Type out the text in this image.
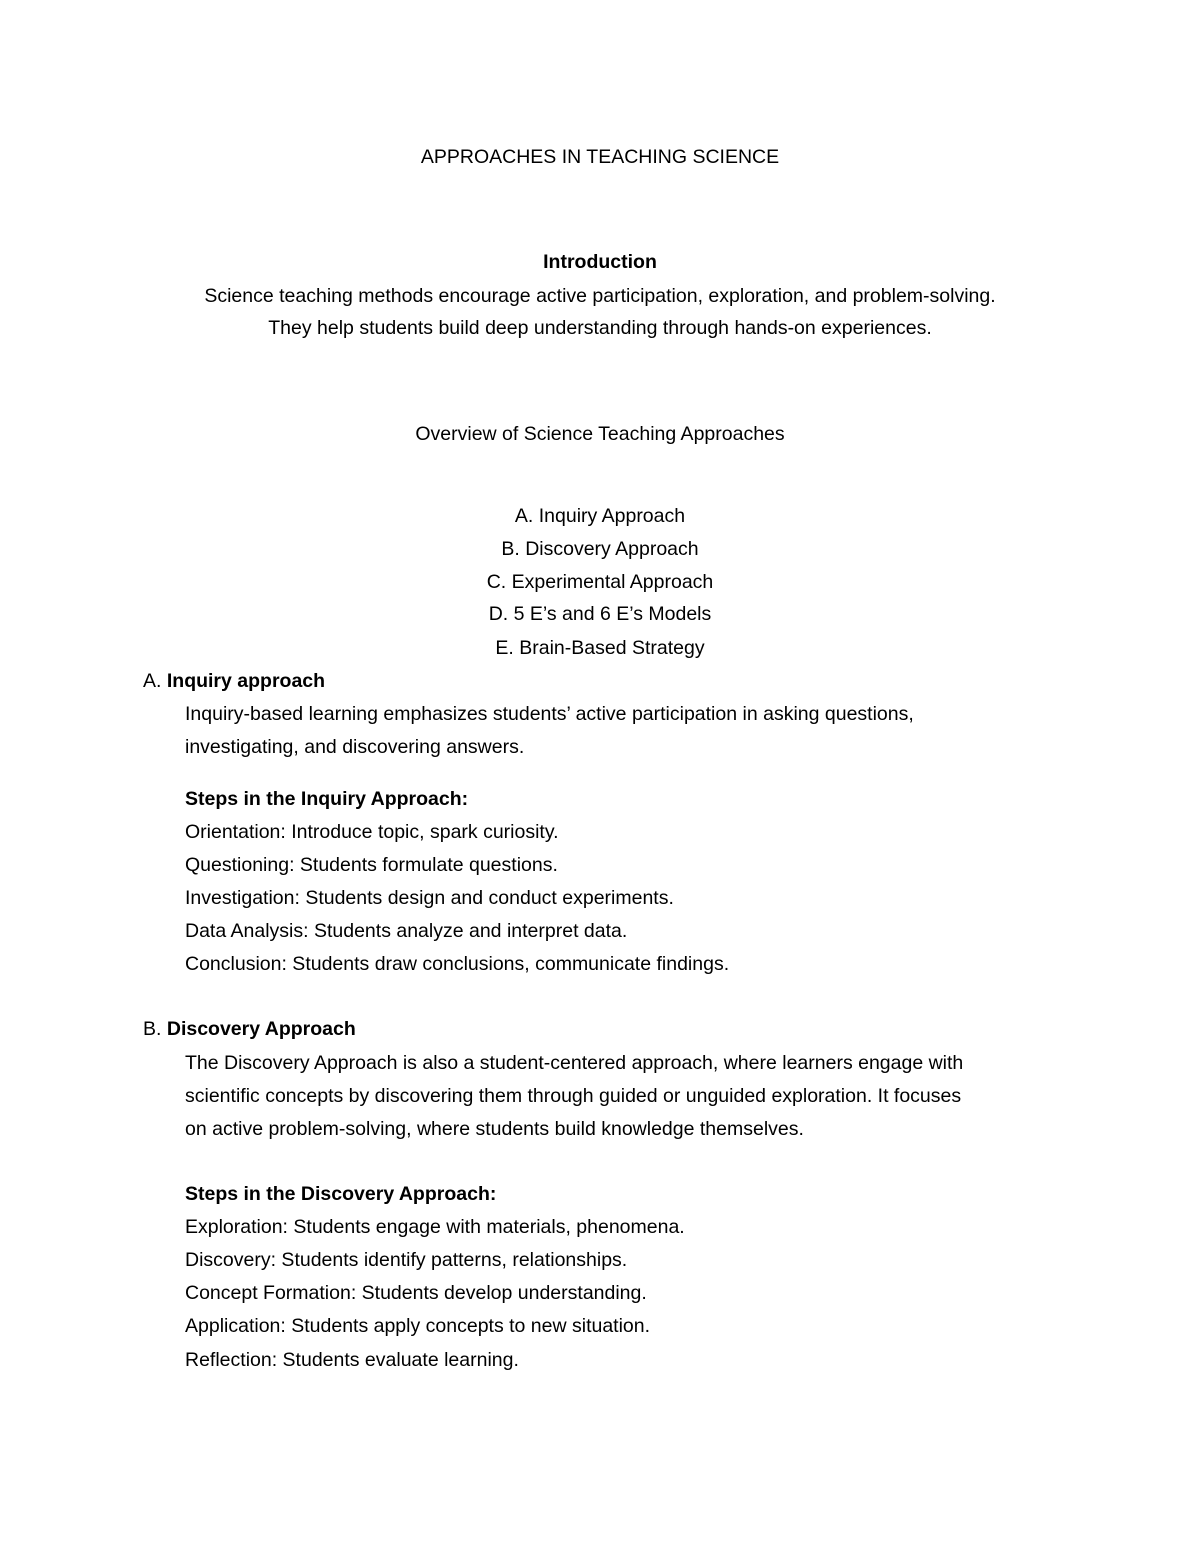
APPROACHES IN TEACHING SCIENCE
Introduction
Science teaching methods encourage active participation, exploration, and problem-solving.
They help students build deep understanding through hands-on experiences.
Overview of Science Teaching Approaches
A. Inquiry Approach
B. Discovery Approach
C. Experimental Approach
D. 5 E’s and 6 E’s Models
E. Brain-Based Strategy
A. Inquiry approach
Inquiry-based learning emphasizes students’ active participation in asking questions,
investigating, and discovering answers.
Steps in the Inquiry Approach:
Orientation: Introduce topic, spark curiosity.
Questioning: Students formulate questions.
Investigation: Students design and conduct experiments.
Data Analysis: Students analyze and interpret data.
Conclusion: Students draw conclusions, communicate findings.
B. Discovery Approach
The Discovery Approach is also a student-centered approach, where learners engage with
scientific concepts by discovering them through guided or unguided exploration. It focuses
on active problem-solving, where students build knowledge themselves.
Steps in the Discovery Approach:
Exploration: Students engage with materials, phenomena.
Discovery: Students identify patterns, relationships.
Concept Formation: Students develop understanding.
Application: Students apply concepts to new situation.
Reflection: Students evaluate learning.
